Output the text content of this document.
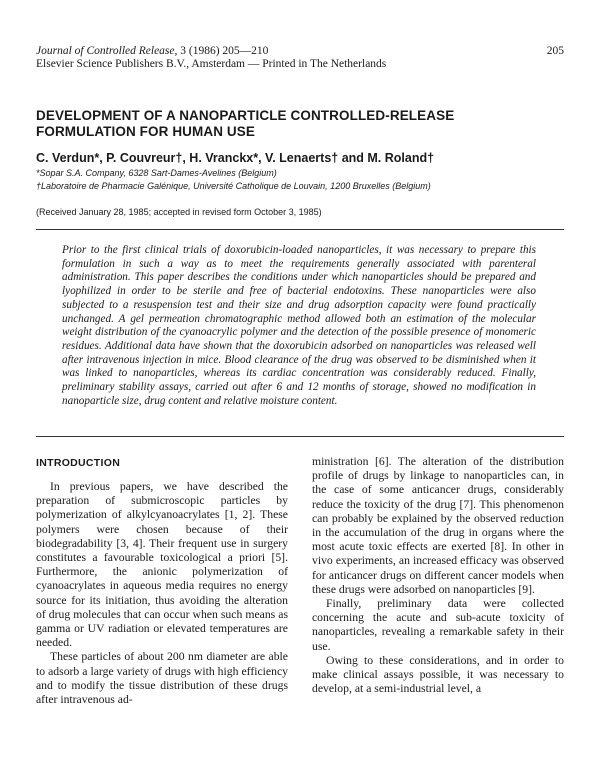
Journal of Controlled Release, 3 (1986) 205—210
Elsevier Science Publishers B.V., Amsterdam — Printed in The Netherlands
205
DEVELOPMENT OF A NANOPARTICLE CONTROLLED-RELEASE FORMULATION FOR HUMAN USE
C. Verdun*, P. Couvreur†, H. Vranckx*, V. Lenaerts† and M. Roland†
*Sopar S.A. Company, 6328 Sart-Dames-Avelines (Belgium)
†Laboratoire de Pharmacie Galénique, Université Catholique de Louvain, 1200 Bruxelles (Belgium)
(Received January 28, 1985; accepted in revised form October 3, 1985)
Prior to the first clinical trials of doxorubicin-loaded nanoparticles, it was necessary to prepare this formulation in such a way as to meet the requirements generally associated with parenteral administration. This paper describes the conditions under which nanoparticles should be prepared and lyophilized in order to be sterile and free of bacterial endotoxins. These nanoparticles were also subjected to a resuspension test and their size and drug adsorption capacity were found practically unchanged. A gel permeation chromatographic method allowed both an estimation of the molecular weight distribution of the cyanoacrylic polymer and the detection of the possible presence of monomeric residues. Additional data have shown that the doxorubicin adsorbed on nanoparticles was released well after intravenous injection in mice. Blood clearance of the drug was observed to be disminished when it was linked to nanoparticles, whereas its cardiac concentration was considerably reduced. Finally, preliminary stability assays, carried out after 6 and 12 months of storage, showed no modification in nanoparticle size, drug content and relative moisture content.
INTRODUCTION

In previous papers, we have described the preparation of submicroscopic particles by polymerization of alkylcyanoacrylates [1, 2]. These polymers were chosen because of their biodegradability [3, 4]. Their frequent use in surgery constitutes a favourable toxicological a priori [5]. Furthermore, the anionic polymerization of cyanoacrylates in aqueous media requires no energy source for its initiation, thus avoiding the alteration of drug molecules that can occur when such means as gamma or UV radiation or elevated temperatures are needed.

These particles of about 200 nm diameter are able to adsorb a large variety of drugs with high efficiency and to modify the tissue distribution of these drugs after intravenous ad-

ministration [6]. The alteration of the distribution profile of drugs by linkage to nanoparticles can, in the case of some anticancer drugs, considerably reduce the toxicity of the drug [7]. This phenomenon can probably be explained by the observed reduction in the accumulation of the drug in organs where the most acute toxic effects are exerted [8]. In other in vivo experiments, an increased efficacy was observed for anticancer drugs on different cancer models when these drugs were adsorbed on nanoparticles [9].

Finally, preliminary data were collected concerning the acute and sub-acute toxicity of nanoparticles, revealing a remarkable safety in their use.

Owing to these considerations, and in order to make clinical assays possible, it was necessary to develop, at a semi-industrial level, a
